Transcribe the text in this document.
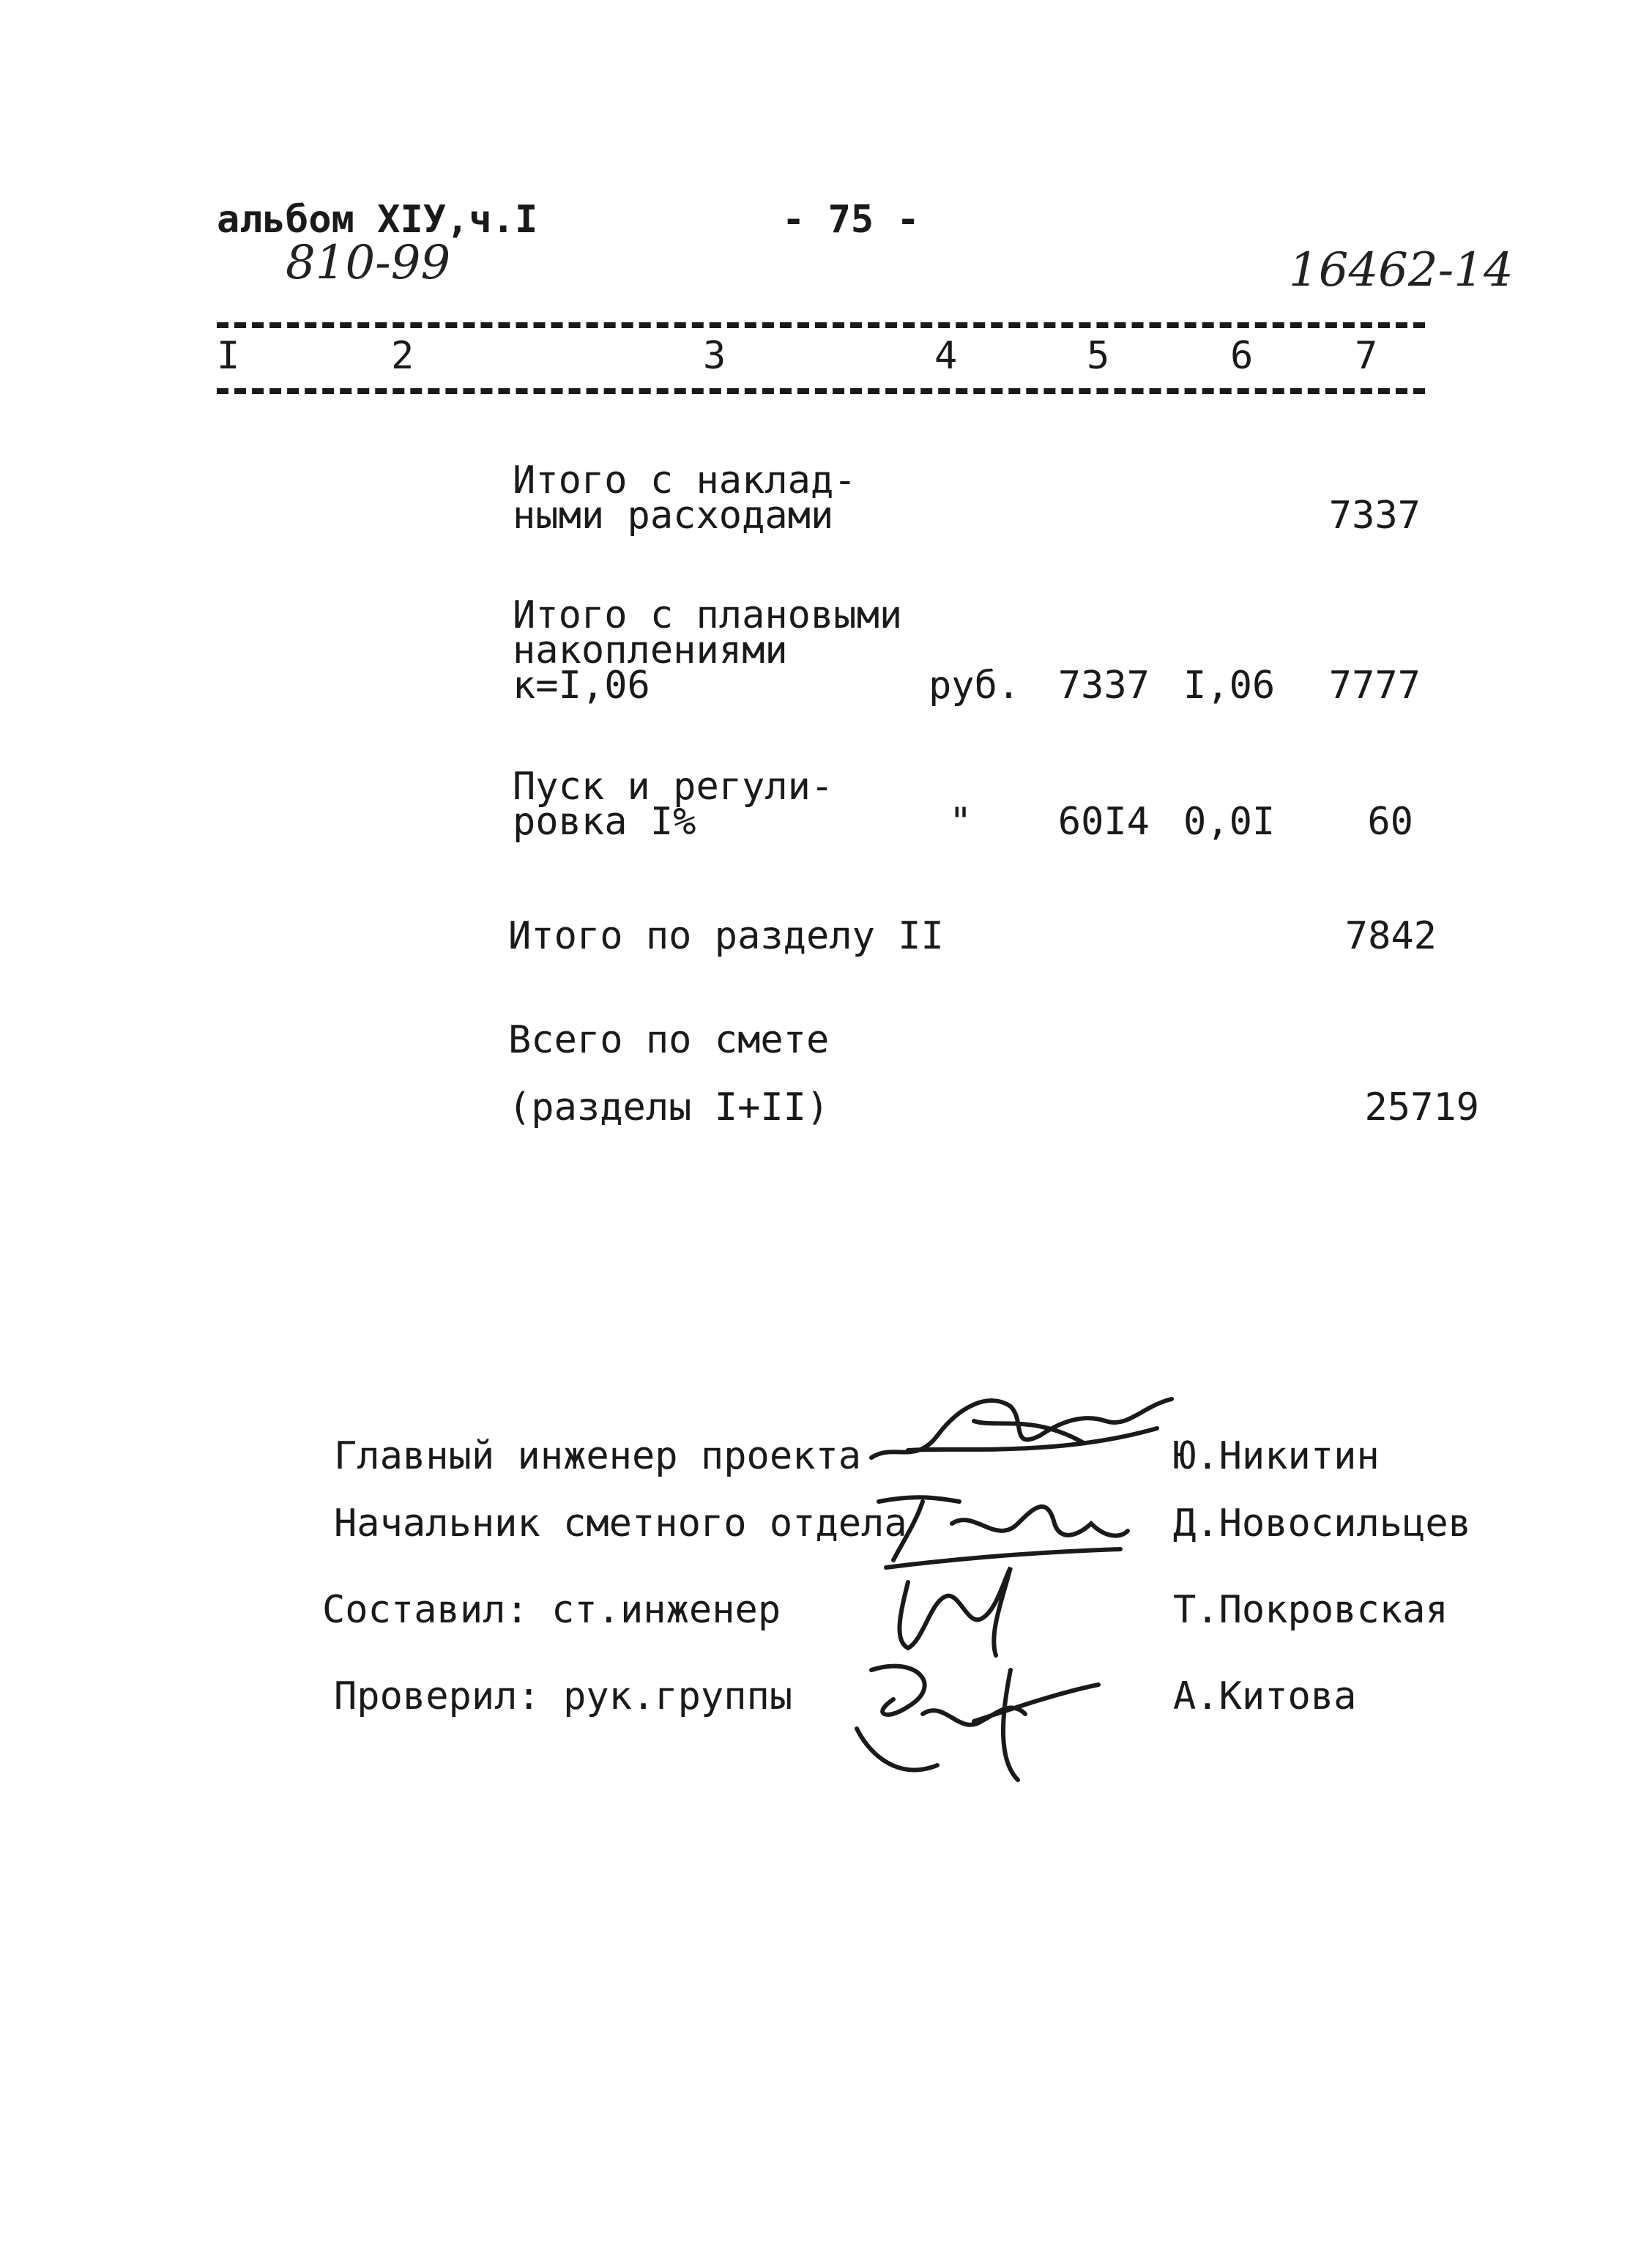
альбом XIУ,ч.I	- 75 -
810-99	16462-14
I	2	3	4	5	6	7
Итого с наклад-
ными расходами	7337
Итого с плановыми
накоплениями
к=I,06	руб. 7337 I,06	7777
Пуск и регули-
ровка I%	"	60I4 0,0I	60
Итого по разделу II	7842
Всего по смете
(разделы I+II)	25719
Главный инженер проекта	Ю.Никитин
Начальник сметного отдела	Д.Новосильцев
Составил: ст.инженер	Т.Покровская
Проверил: рук.группы	А.Китова
